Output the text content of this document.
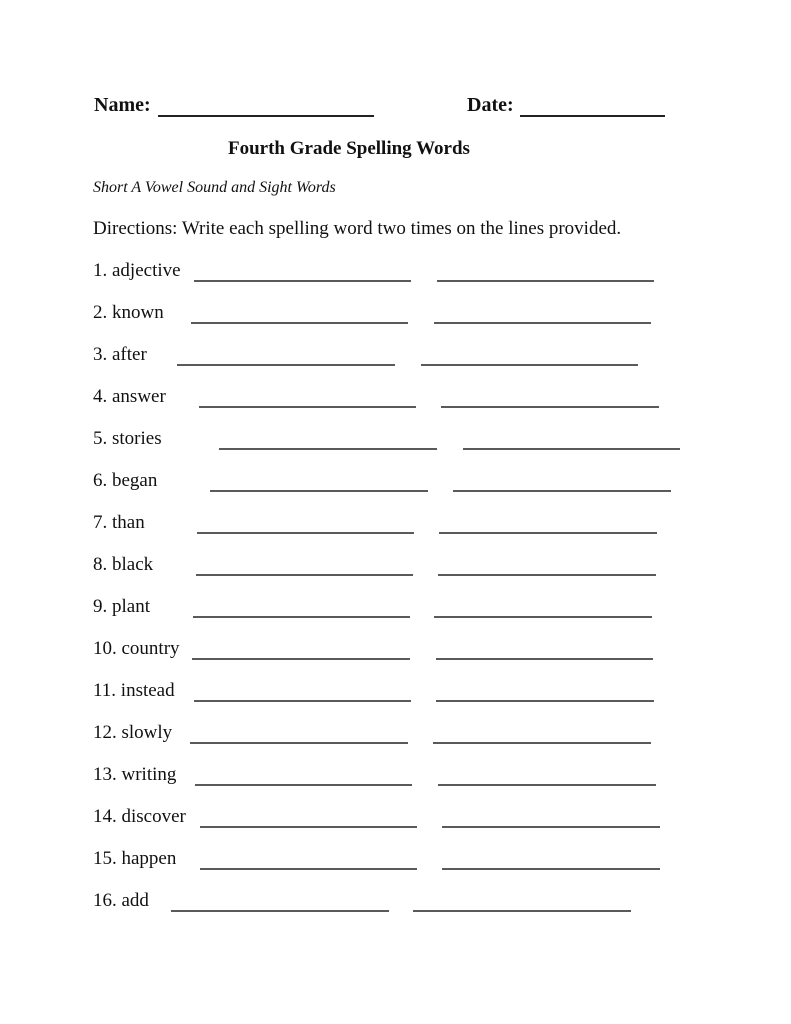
Name:	Date:
Fourth Grade Spelling Words
Short A Vowel Sound and Sight Words
Directions: Write each spelling word two times on the lines provided.
1. adjective
2. known
3. after
4. answer
5. stories
6. began
7. than
8. black
9. plant
10. country
11. instead
12. slowly
13. writing
14. discover
15. happen
16. add
